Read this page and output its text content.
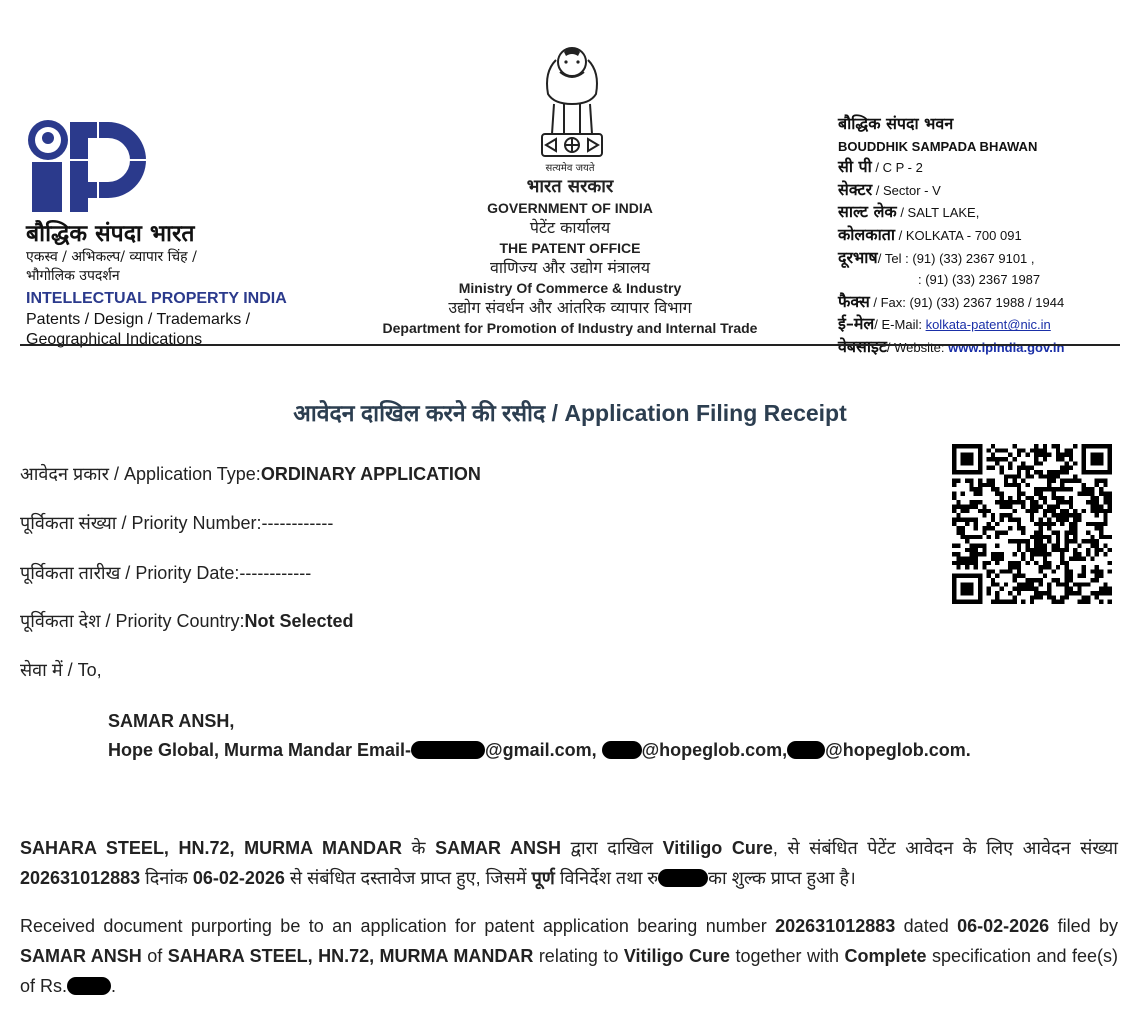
बौद्धिक संपदा भारत
एकस्व / अभिकल्प/ व्यापार चिंह /
भौगोलिक उपदर्शन
INTELLECTUAL PROPERTY INDIA
Patents / Design / Trademarks /
Geographical Indications
सत्यमेव जयते
भारत सरकार
GOVERNMENT OF INDIA
पेटेंट कार्यालय
THE PATENT OFFICE
वाणिज्य और उद्योग मंत्रालय
Ministry Of Commerce & Industry
उद्योग संवर्धन और आंतरिक व्यापार विभाग
Department for Promotion of Industry and Internal Trade
बौद्धिक संपदा भवन
BOUDDHIK SAMPADA BHAWAN
सी पी / C P - 2
सेक्टर / Sector - V
साल्ट लेक / SALT LAKE,
कोलकाता / KOLKATA - 700 091
दूरभाष/ Tel : (91) (33) 2367 9101 ,
: (91) (33) 2367 1987
फैक्स / Fax: (91) (33) 2367 1988 / 1944
ई–मेल/ E-Mail: kolkata-patent@nic.in
वेबसाइट/ Website: www.ipindia.gov.in
आवेदन दाखिल करने की रसीद / Application Filing Receipt
आवेदन प्रकार / Application Type:ORDINARY APPLICATION
पूर्विकता संख्या / Priority Number:------------
पूर्विकता तारीख / Priority Date:------------
पूर्विकता देश / Priority Country:Not Selected
सेवा में / To,
SAMAR ANSH,
Hope Global, Murma Mandar Email-	@gmail.com, @hopeglob.com, @hopeglob.com.
SAHARA STEEL, HN.72, MURMA MANDAR के SAMAR ANSH द्वारा दाखिल Vitiligo Cure, से संबंधित पेटेंट आवेदन के लिए आवेदन संख्या 202631012883 दिनांक 06-02-2026 से संबंधित दस्तावेज प्राप्त हुए, जिसमें पूर्ण विनिर्देश तथा रु	का शुल्क प्राप्त हुआ है।
Received document purporting be to an application for patent application bearing number 202631012883 dated 06-02-2026 filed by SAMAR ANSH of SAHARA STEEL, HN.72, MURMA MANDAR relating to Vitiligo Cure together with Complete specification and fee(s) of Rs. .
